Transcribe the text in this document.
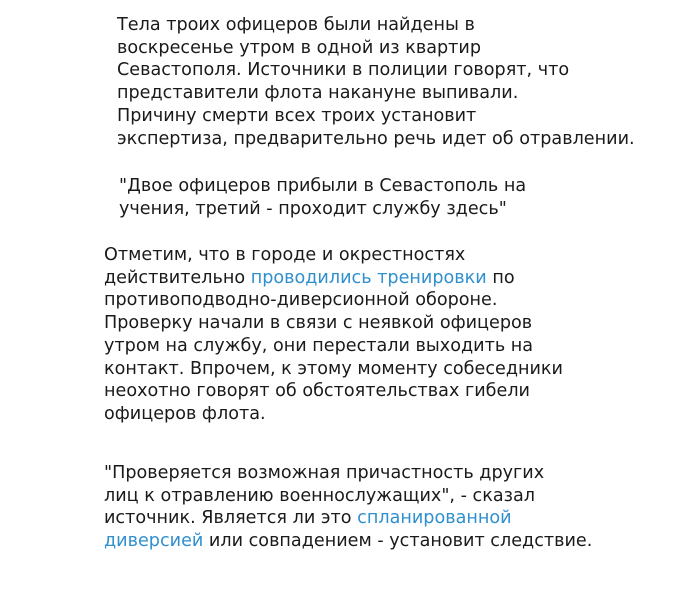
Тела троих офицеров были найдены в
воскресенье утром в одной из квартир
Севастополя. Источники в полиции говорят, что
представители флота накануне выпивали.
Причину смерти всех троих установит
экспертиза, предварительно речь идет об отравлении.
"Двое офицеров прибыли в Севастополь на
учения, третий - проходит службу здесь"
Отметим, что в городе и окрестностях
действительно проводились тренировки по
противоподводно-диверсионной обороне.
Проверку начали в связи с неявкой офицеров
утром на службу, они перестали выходить на
контакт. Впрочем, к этому моменту собеседники
неохотно говорят об обстоятельствах гибели
офицеров флота.
"Проверяется возможная причастность других
лиц к отравлению военнослужащих", - сказал
источник. Является ли это спланированной
диверсией или совпадением - установит следствие.
